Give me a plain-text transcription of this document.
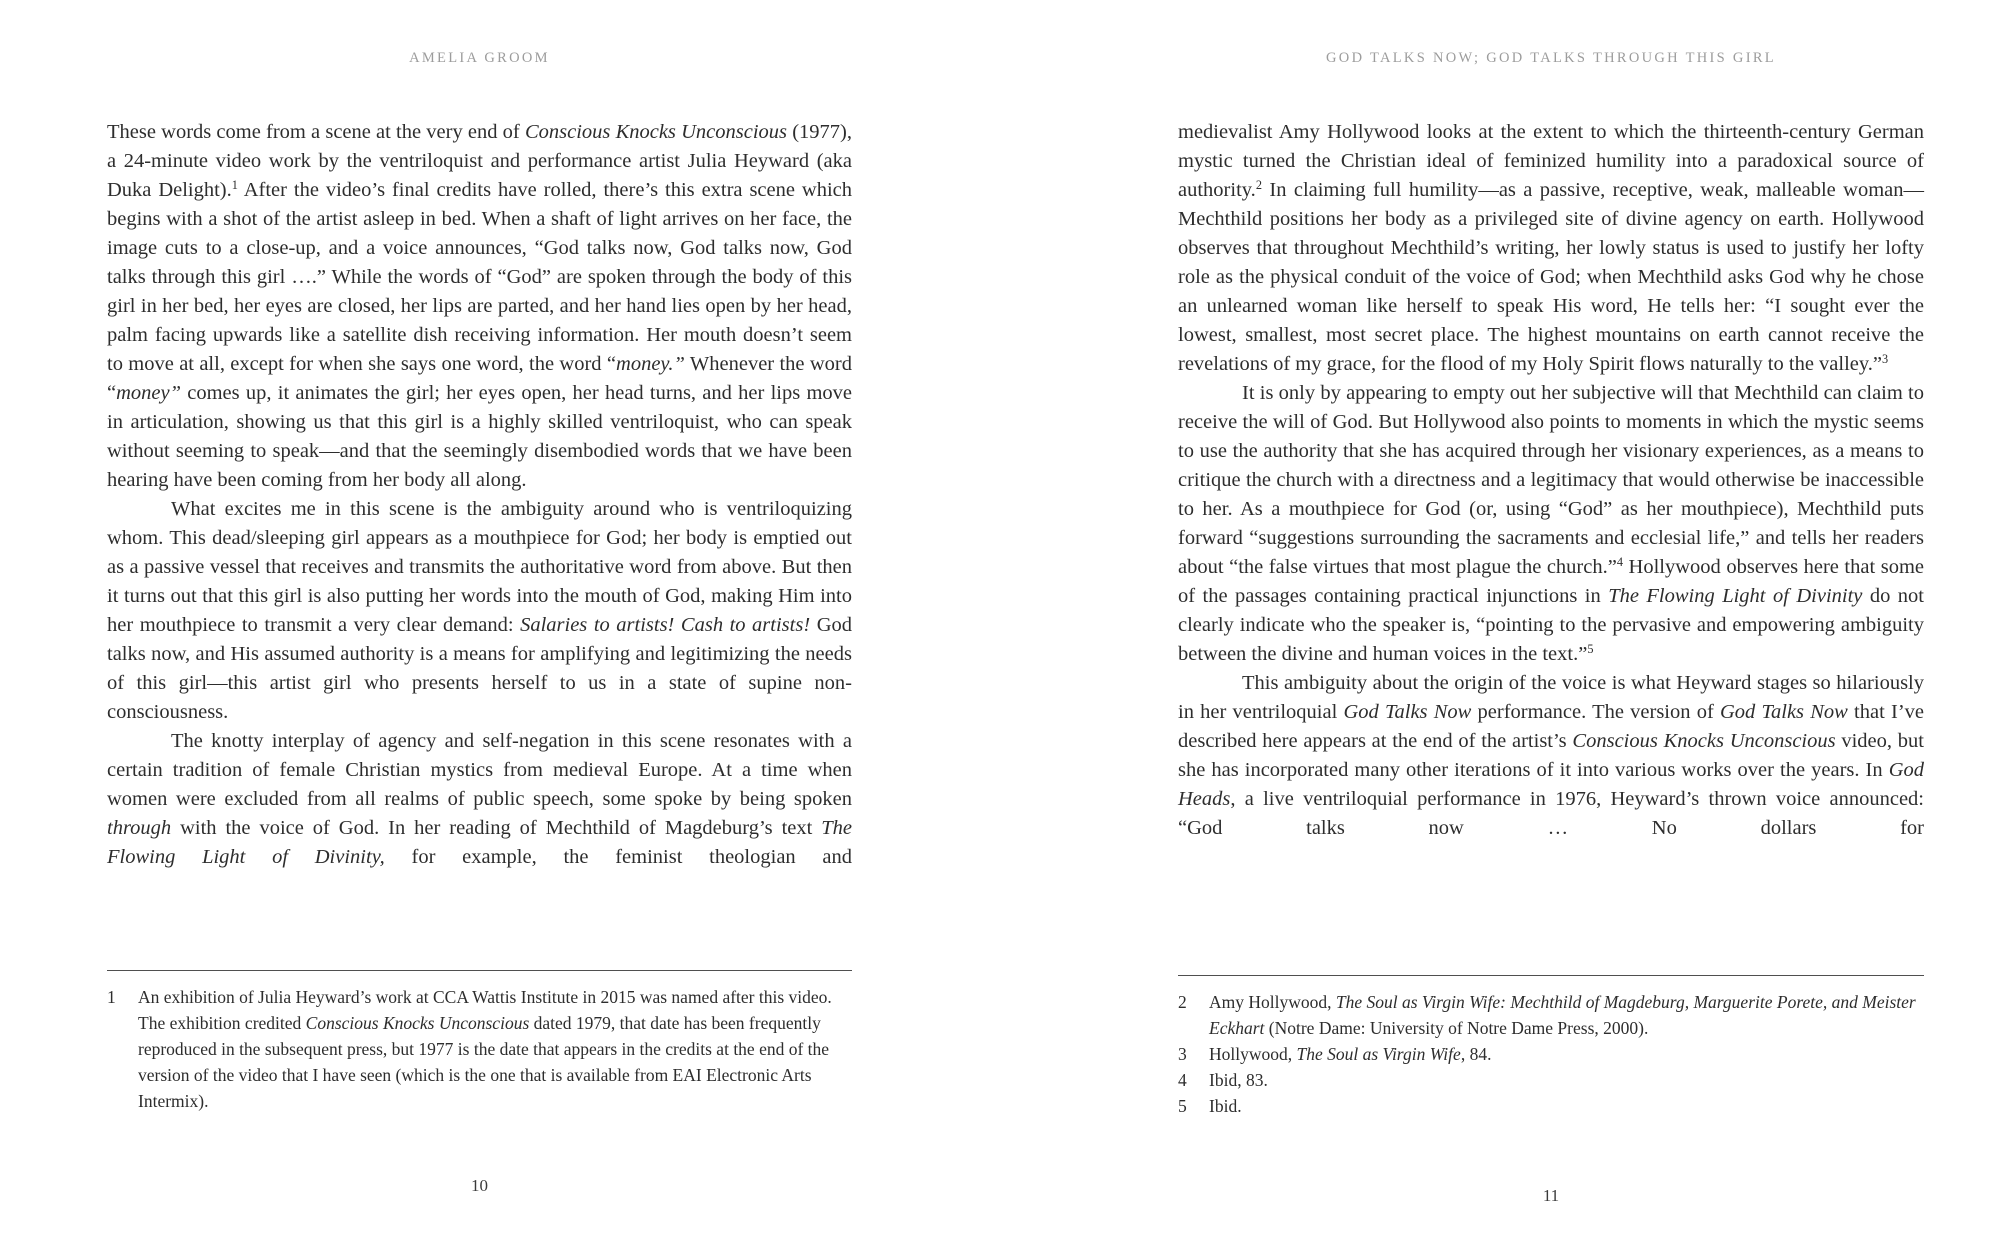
AMELIA GROOM

These words come from a scene at the very end of Conscious Knocks Unconscious (1977), a 24-minute video work by the ventriloquist and performance artist Julia Heyward (aka Duka Delight).$^1$ After the video’s final credits have rolled, there’s this extra scene which begins with a shot of the artist asleep in bed. When a shaft of light arrives on her face, the image cuts to a close-up, and a voice announces, “God talks now, God talks now, God talks through this girl ….” While the words of “God” are spoken through the body of this girl in her bed, her eyes are closed, her lips are parted, and her hand lies open by her head, palm facing upwards like a satellite dish receiving information. Her mouth doesn’t seem to move at all, except for when she says one word, the word “money.” Whenever the word “money” comes up, it animates the girl; her eyes open, her head turns, and her lips move in articulation, showing us that this girl is a highly skilled ventriloquist, who can speak without seeming to speak—and that the seemingly disembodied words that we have been hearing have been coming from her body all along.

What excites me in this scene is the ambiguity around who is ventriloquizing whom. This dead/sleeping girl appears as a mouthpiece for God; her body is emptied out as a passive vessel that receives and transmits the authoritative word from above. But then it turns out that this girl is also putting her words into the mouth of God, making Him into her mouthpiece to transmit a very clear demand: Salaries to artists! Cash to artists! God talks now, and His assumed authority is a means for amplifying and legitimizing the needs of this girl—this artist girl who presents herself to us in a state of supine non-consciousness.

The knotty interplay of agency and self-negation in this scene resonates with a certain tradition of female Christian mystics from medieval Europe. At a time when women were excluded from all realms of public speech, some spoke by being spoken through with the voice of God. In her reading of Mechthild of Magdeburg’s text The Flowing Light of Divinity, for example, the feminist theologian and

1	An exhibition of Julia Heyward’s work at CCA Wattis Institute in 2015 was named after this video. The exhibition credited Conscious Knocks Unconscious dated 1979, that date has been frequently reproduced in the subsequent press, but 1977 is the date that appears in the credits at the end of the version of the video that I have seen (which is the one that is available from EAI Electronic Arts Intermix).
10
GOD TALKS NOW; GOD TALKS THROUGH THIS GIRL

medievalist Amy Hollywood looks at the extent to which the thirteenth-century German mystic turned the Christian ideal of feminized humility into a paradoxical source of authority.$^2$ In claiming full humility—as a passive, receptive, weak, malleable woman—Mechthild positions her body as a privileged site of divine agency on earth. Hollywood observes that throughout Mechthild’s writing, her lowly status is used to justify her lofty role as the physical conduit of the voice of God; when Mechthild asks God why he chose an unlearned woman like herself to speak His word, He tells her: “I sought ever the lowest, smallest, most secret place. The highest mountains on earth cannot receive the revelations of my grace, for the flood of my Holy Spirit flows naturally to the valley.”$^3$

It is only by appearing to empty out her subjective will that Mechthild can claim to receive the will of God. But Hollywood also points to moments in which the mystic seems to use the authority that she has acquired through her visionary experiences, as a means to critique the church with a directness and a legitimacy that would otherwise be inaccessible to her. As a mouthpiece for God (or, using “God” as her mouthpiece), Mechthild puts forward “suggestions surrounding the sacraments and ecclesial life,” and tells her readers about “the false virtues that most plague the church.”$^4$ Hollywood observes here that some of the passages containing practical injunctions in The Flowing Light of Divinity do not clearly indicate who the speaker is, “pointing to the pervasive and empowering ambiguity between the divine and human voices in the text.”$^5$

This ambiguity about the origin of the voice is what Heyward stages so hilariously in her ventriloquial God Talks Now performance. The version of God Talks Now that I’ve described here appears at the end of the artist’s Conscious Knocks Unconscious video, but she has incorporated many other iterations of it into various works over the years. In God Heads, a live ventriloquial performance in 1976, Heyward’s thrown voice announced: “God talks now … No dollars for

2	Amy Hollywood, The Soul as Virgin Wife: Mechthild of Magdeburg, Marguerite Porete, and Meister Eckhart (Notre Dame: University of Notre Dame Press, 2000).
3	Hollywood, The Soul as Virgin Wife, 84.
4	Ibid, 83.
5	Ibid.
11
